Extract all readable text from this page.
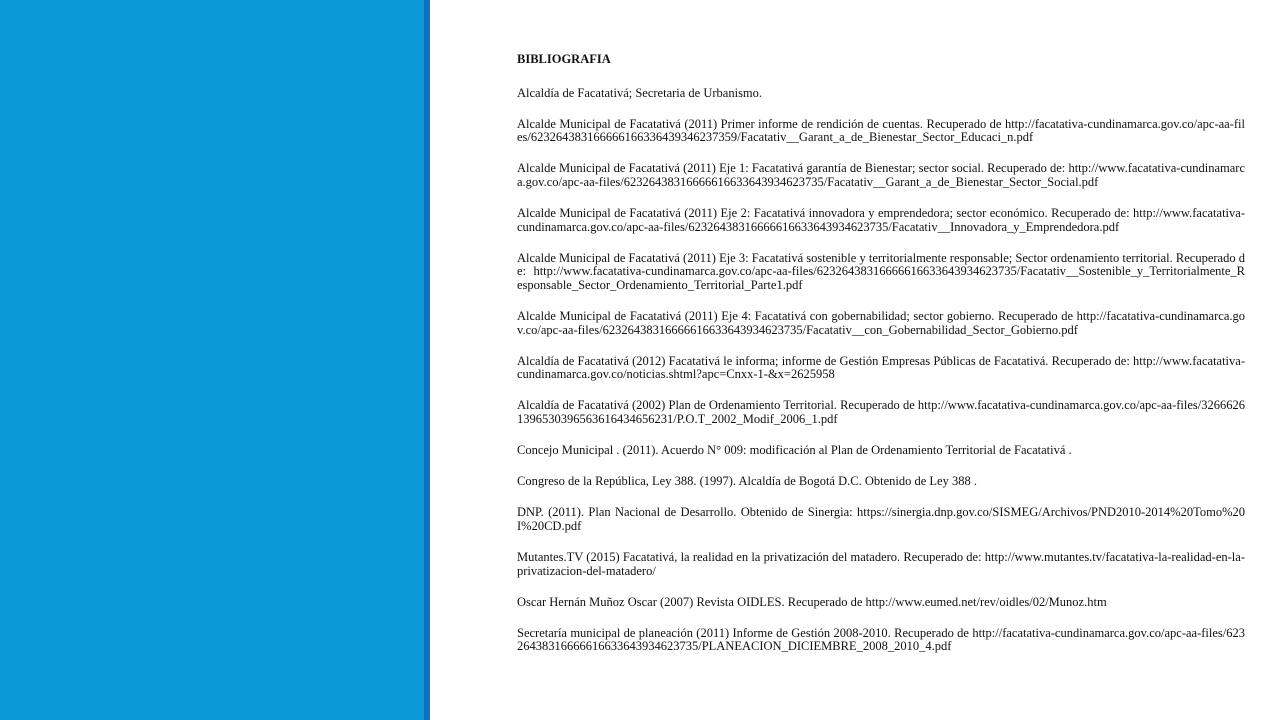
BIBLIOGRAFIA

Alcaldía de Facatativá; Secretaria de Urbanismo.

Alcalde Municipal de Facatativá (2011) Primer informe de rendición de cuentas. Recuperado de http://facatativa-cundinamarca.gov.co/apc-aa-files/623264383166666166336439346237359/Facatativ__Garant_a_de_Bienestar_Sector_Educaci_n.pdf

Alcalde Municipal de Facatativá (2011) Eje 1: Facatativá garantía de Bienestar; sector social. Recuperado de: http://www.facatativa-cundinamarca.gov.co/apc-aa-files/62326438316666616633643934623735/Facatativ__Garant_a_de_Bienestar_Sector_Social.pdf

Alcalde Municipal de Facatativá (2011) Eje 2: Facatativá innovadora y emprendedora; sector económico. Recuperado de: http://www.facatativa-cundinamarca.gov.co/apc-aa-files/62326438316666616633643934623735/Facatativ__Innovadora_y_Emprendedora.pdf

Alcalde Municipal de Facatativá (2011) Eje 3: Facatativá sostenible y territorialmente responsable; Sector ordenamiento territorial. Recuperado de: http://www.facatativa-cundinamarca.gov.co/apc-aa-files/62326438316666616633643934623735/Facatativ__Sostenible_y_Territorialmente_Responsable_Sector_Ordenamiento_Territorial_Parte1.pdf

Alcalde Municipal de Facatativá (2011) Eje 4: Facatativá con gobernabilidad; sector gobierno. Recuperado de http://facatativa-cundinamarca.gov.co/apc-aa-files/62326438316666616633643934623735/Facatativ__con_Gobernabilidad_Sector_Gobierno.pdf

Alcaldía de Facatativá (2012) Facatativá le informa; informe de Gestión Empresas Públicas de Facatativá. Recuperado de: http://www.facatativa-cundinamarca.gov.co/noticias.shtml?apc=Cnxx-1-&x=2625958

Alcaldía de Facatativá (2002) Plan de Ordenamiento Territorial. Recuperado de http://www.facatativa-cundinamarca.gov.co/apc-aa-files/32666261396530396563616434656231/P.O.T_2002_Modif_2006_1.pdf

Concejo Municipal . (2011). Acuerdo N° 009: modificación al Plan de Ordenamiento Territorial de Facatativá .

Congreso de la República, Ley 388. (1997). Alcaldía de Bogotá D.C. Obtenido de Ley 388 .

DNP. (2011). Plan Nacional de Desarrollo. Obtenido de Sinergia: https://sinergia.dnp.gov.co/SISMEG/Archivos/PND2010-2014%20Tomo%20I%20CD.pdf

Mutantes.TV (2015) Facatativá, la realidad en la privatización del matadero. Recuperado de: http://www.mutantes.tv/facatativa-la-realidad-en-la-privatizacion-del-matadero/

Oscar Hernán Muñoz Oscar (2007) Revista OIDLES. Recuperado de http://www.eumed.net/rev/oidles/02/Munoz.htm

Secretaría municipal de planeación (2011) Informe de Gestión 2008-2010. Recuperado de http://facatativa-cundinamarca.gov.co/apc-aa-files/62326438316666616633643934623735/PLANEACION_DICIEMBRE_2008_2010_4.pdf
